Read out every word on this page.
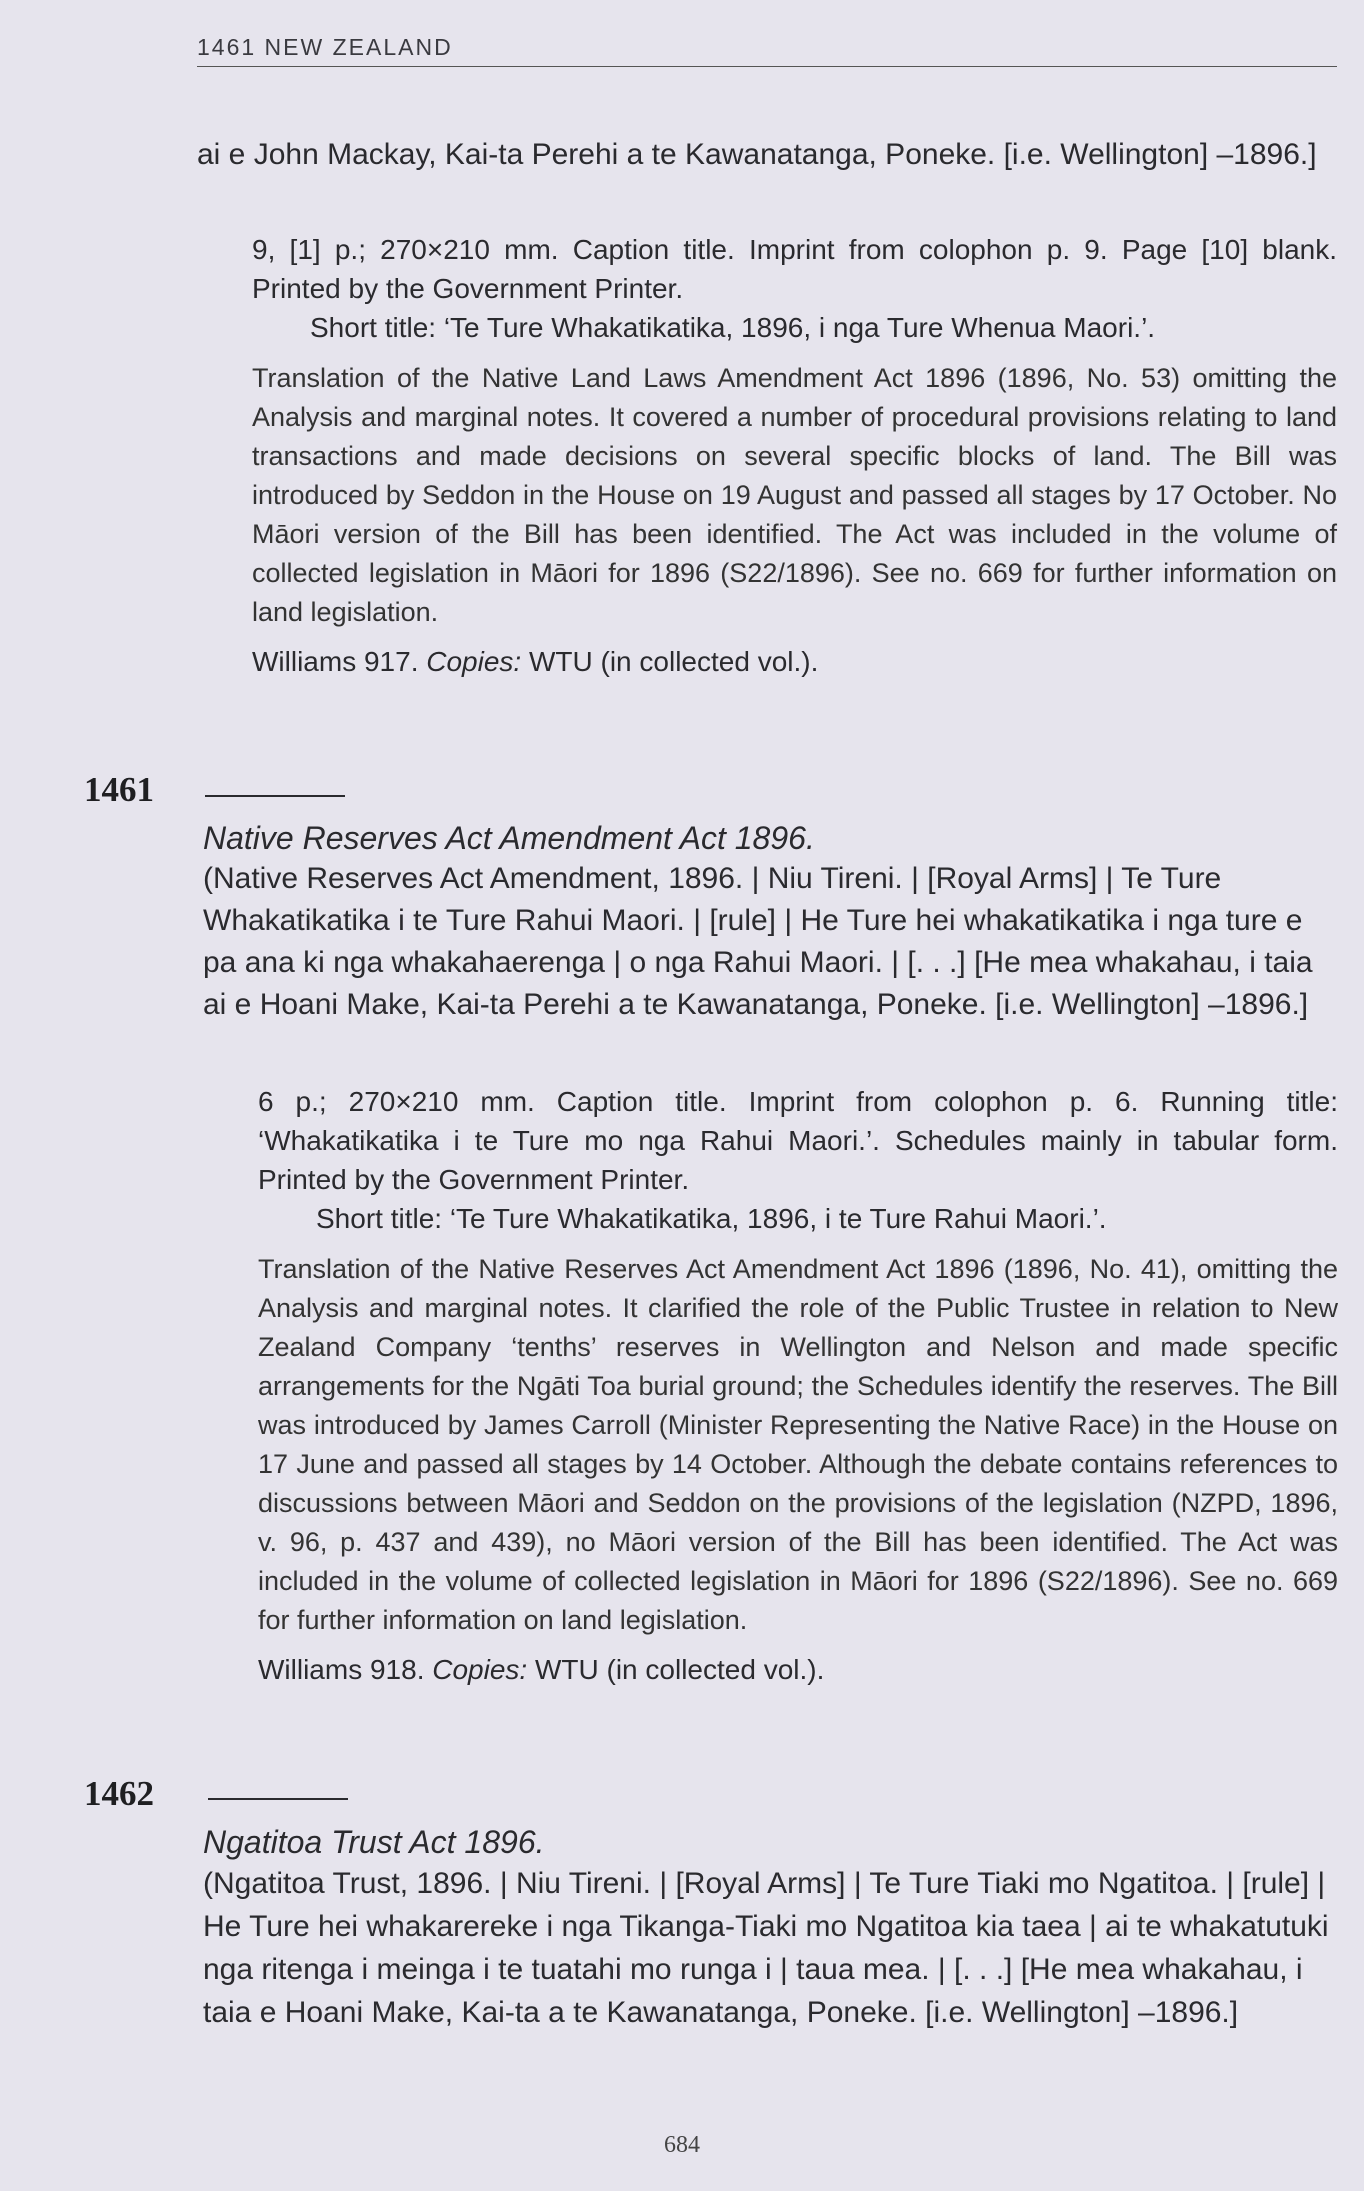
1461 NEW ZEALAND

ai e John Mackay, Kai-ta Perehi a te Kawanatanga, Poneke. [i.e. Wellington] –1896.]

9, [1] p.; 270×210 mm. Caption title. Imprint from colophon p. 9. Page [10] blank. Printed by the Government Printer.

Short title: ‘Te Ture Whakatikatika, 1896, i nga Ture Whenua Maori.’.

Translation of the Native Land Laws Amendment Act 1896 (1896, No. 53) omitting the Analysis and marginal notes. It covered a number of procedural provisions relating to land transactions and made decisions on several specific blocks of land. The Bill was introduced by Seddon in the House on 19 August and passed all stages by 17 October. No Māori version of the Bill has been identified. The Act was included in the volume of collected legislation in Māori for 1896 (S22/1896). See no. 669 for further information on land legislation.

Williams 917. Copies: WTU (in collected vol.).

1461

Native Reserves Act Amendment Act 1896.

(Native Reserves Act Amendment, 1896. | Niu Tireni. | [Royal Arms] | Te Ture Whakatikatika i te Ture Rahui Maori. | [rule] | He Ture hei whakatikatika i nga ture e pa ana ki nga whakahaerenga | o nga Rahui Maori. | [. . .] [He mea whakahau, i taia ai e Hoani Make, Kai-ta Perehi a te Kawanatanga, Poneke. [i.e. Wellington] –1896.]

6 p.; 270×210 mm. Caption title. Imprint from colophon p. 6. Running title: ‘Whakatikatika i te Ture mo nga Rahui Maori.’. Schedules mainly in tabular form. Printed by the Government Printer.

Short title: ‘Te Ture Whakatikatika, 1896, i te Ture Rahui Maori.’.

Translation of the Native Reserves Act Amendment Act 1896 (1896, No. 41), omitting the Analysis and marginal notes. It clarified the role of the Public Trustee in relation to New Zealand Company ‘tenths’ reserves in Wellington and Nelson and made specific arrangements for the Ngāti Toa burial ground; the Schedules identify the reserves. The Bill was introduced by James Carroll (Minister Representing the Native Race) in the House on 17 June and passed all stages by 14 October. Although the debate contains references to discussions between Māori and Seddon on the provisions of the legislation (NZPD, 1896, v. 96, p. 437 and 439), no Māori version of the Bill has been identified. The Act was included in the volume of collected legislation in Māori for 1896 (S22/1896). See no. 669 for further information on land legislation.

Williams 918. Copies: WTU (in collected vol.).

1462

Ngatitoa Trust Act 1896.

(Ngatitoa Trust, 1896. | Niu Tireni. | [Royal Arms] | Te Ture Tiaki mo Ngatitoa. | [rule] | He Ture hei whakarereke i nga Tikanga-Tiaki mo Ngatitoa kia taea | ai te whakatutuki nga ritenga i meinga i te tuatahi mo runga i | taua mea. | [. . .] [He mea whakahau, i taia e Hoani Make, Kai-ta a te Kawanatanga, Poneke. [i.e. Wellington] –1896.]

684
